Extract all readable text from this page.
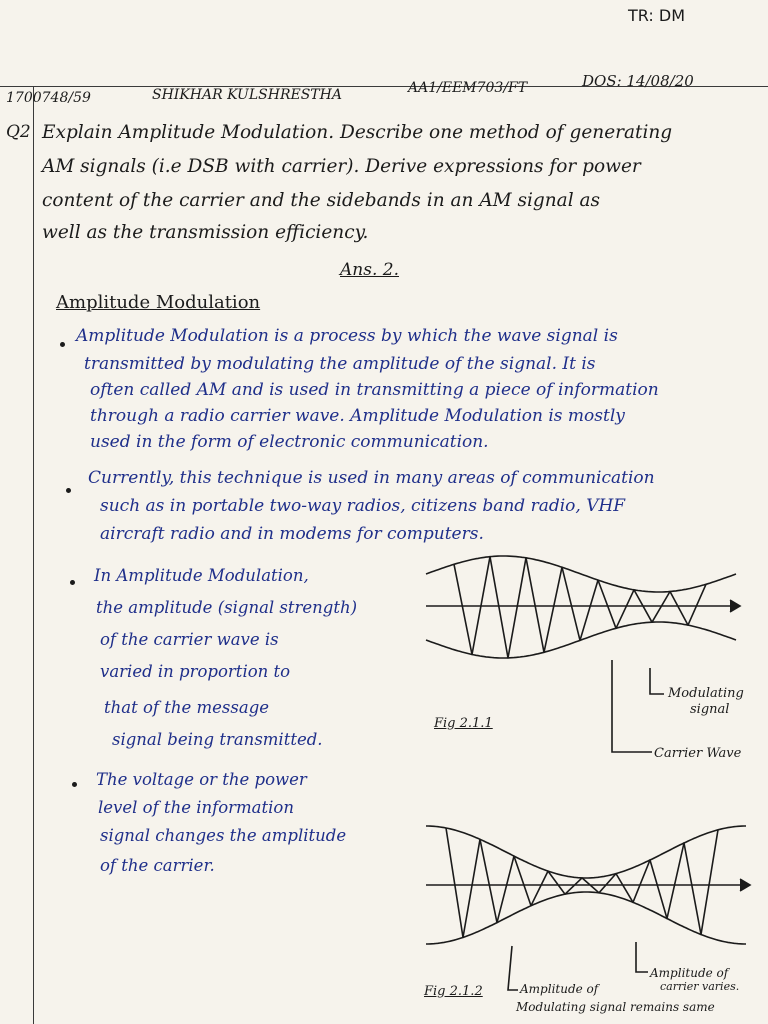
TR: DM
1700748/59	SHIKHAR KULSHRESTHA	AA1/EEM703/FT	DOS: 14/08/20
Q2 Explain Amplitude Modulation. Describe one method of generating
AM signals (i.e DSB with carrier). Derive expressions for power
content of the carrier and the sidebands in an AM signal as
well as the transmission efficiency.
Ans. 2.
Amplitude Modulation
Amplitude Modulation is a process by which the wave signal is
transmitted by modulating the amplitude of the signal. It is
often called AM and is used in transmitting a piece of information
through a radio carrier wave. Amplitude Modulation is mostly
used in the form of electronic communication.
Currently, this technique is used in many areas of communication
such as in portable two-way radios, citizens band radio, VHF
aircraft radio and in modems for computers.
In Amplitude Modulation,
the amplitude (signal strength)
of the carrier wave is
varied in proportion to
that of the message
signal being transmitted.
The voltage or the power
level of the information
signal changes the amplitude
of the carrier.
Fig 2.1.1
Modulating
signal
Carrier Wave
Fig 2.1.2	Amplitude of
Modulating signal remains same
Amplitude of
carrier varies.
